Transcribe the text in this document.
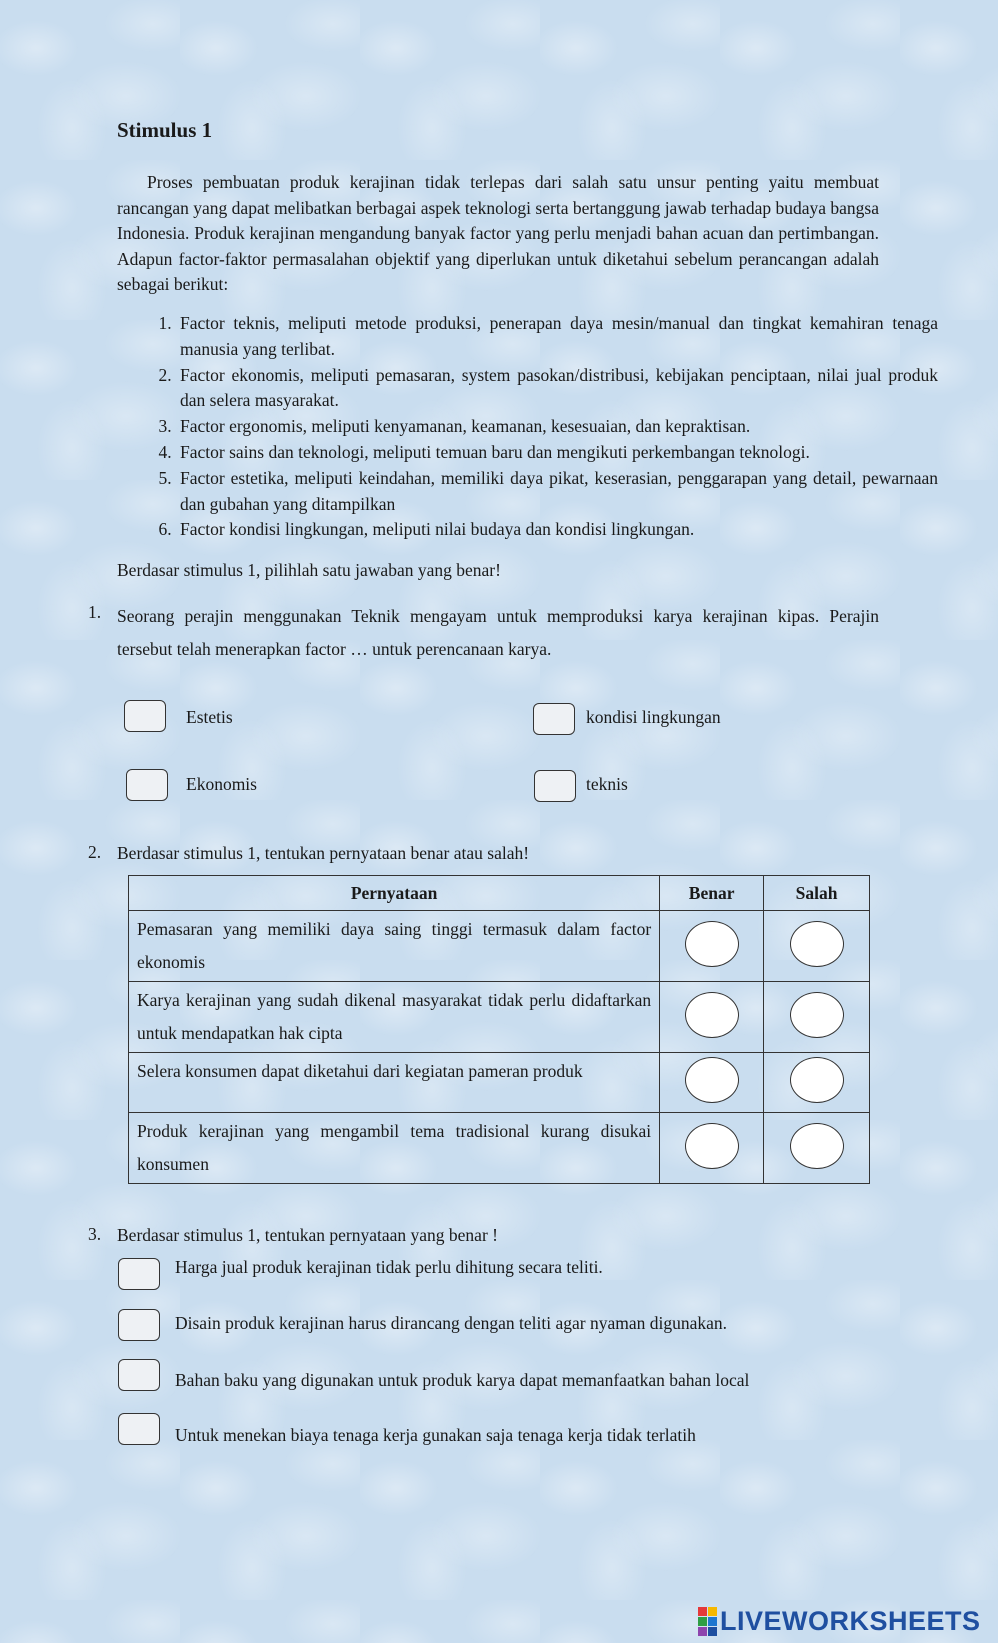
Stimulus 1

Proses pembuatan produk kerajinan tidak terlepas dari salah satu unsur penting yaitu membuat rancangan yang dapat melibatkan berbagai aspek teknologi serta bertanggung jawab terhadap budaya bangsa Indonesia. Produk kerajinan mengandung banyak factor yang perlu menjadi bahan acuan dan pertimbangan. Adapun factor-faktor permasalahan objektif yang diperlukan untuk diketahui sebelum perancangan adalah sebagai berikut:

1. Factor teknis, meliputi metode produksi, penerapan daya mesin/manual dan tingkat kemahiran tenaga manusia yang terlibat.
2. Factor ekonomis, meliputi pemasaran, system pasokan/distribusi, kebijakan penciptaan, nilai jual produk dan selera masyarakat.
3. Factor ergonomis, meliputi kenyamanan, keamanan, kesesuaian, dan kepraktisan.
4. Factor sains dan teknologi, meliputi temuan baru dan mengikuti perkembangan teknologi.
5. Factor estetika, meliputi keindahan, memiliki daya pikat, keserasian, penggarapan yang detail, pewarnaan dan gubahan yang ditampilkan
6. Factor kondisi lingkungan, meliputi nilai budaya dan kondisi lingkungan.
Berdasar stimulus 1, pilihlah satu jawaban yang benar!
1. Seorang perajin menggunakan Teknik mengayam untuk memproduksi karya kerajinan kipas. Perajin tersebut telah menerapkan factor … untuk perencanaan karya.
Estetis	kondisi lingkungan
Ekonomis	teknis
2. Berdasar stimulus 1, tentukan pernyataan benar atau salah!
Pernyataan	Benar	Salah
Pemasaran yang memiliki daya saing tinggi termasuk dalam factor ekonomis		
Karya kerajinan yang sudah dikenal masyarakat tidak perlu didaftarkan untuk mendapatkan hak cipta		
Selera konsumen dapat diketahui dari kegiatan pameran produk		
Produk kerajinan yang mengambil tema tradisional kurang disukai konsumen		
3. Berdasar stimulus 1, tentukan pernyataan yang benar !
Harga jual produk kerajinan tidak perlu dihitung secara teliti.
Disain produk kerajinan harus dirancang dengan teliti agar nyaman digunakan.
Bahan baku yang digunakan untuk produk karya dapat memanfaatkan bahan local
Untuk menekan biaya tenaga kerja gunakan saja tenaga kerja tidak terlatih
LIVEWORKSHEETS
